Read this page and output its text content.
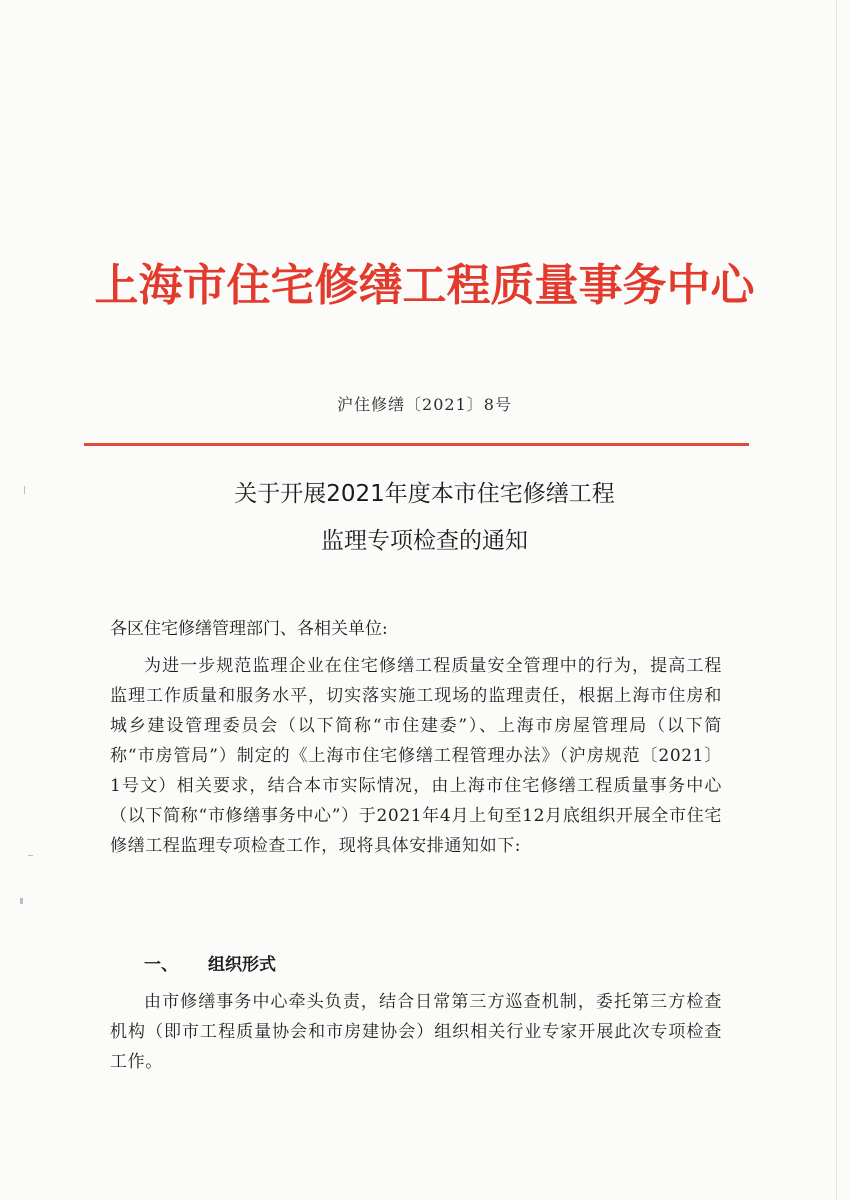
上海市住宅修缮工程质量事务中心
沪住修缮〔2021〕8号
关于开展2021年度本市住宅修缮工程
监理专项检查的通知
各区住宅修缮管理部门、各相关单位:
为进一步规范监理企业在住宅修缮工程质量安全管理中的行为，提高工程监理工作质量和服务水平，切实落实施工现场的监理责任，根据上海市住房和城乡建设管理委员会（以下简称“市住建委”）、上海市房屋管理局（以下简称“市房管局”）制定的《上海市住宅修缮工程管理办法》（沪房规范〔2021〕1号文）相关要求，结合本市实际情况，由上海市住宅修缮工程质量事务中心（以下简称“市修缮事务中心”）于2021年4月上旬至12月底组织开展全市住宅修缮工程监理专项检查工作，现将具体安排通知如下:
一、 组织形式
由市修缮事务中心牵头负责，结合日常第三方巡查机制，委托第三方检查机构（即市工程质量协会和市房建协会）组织相关行业专家开展此次专项检查工作。
